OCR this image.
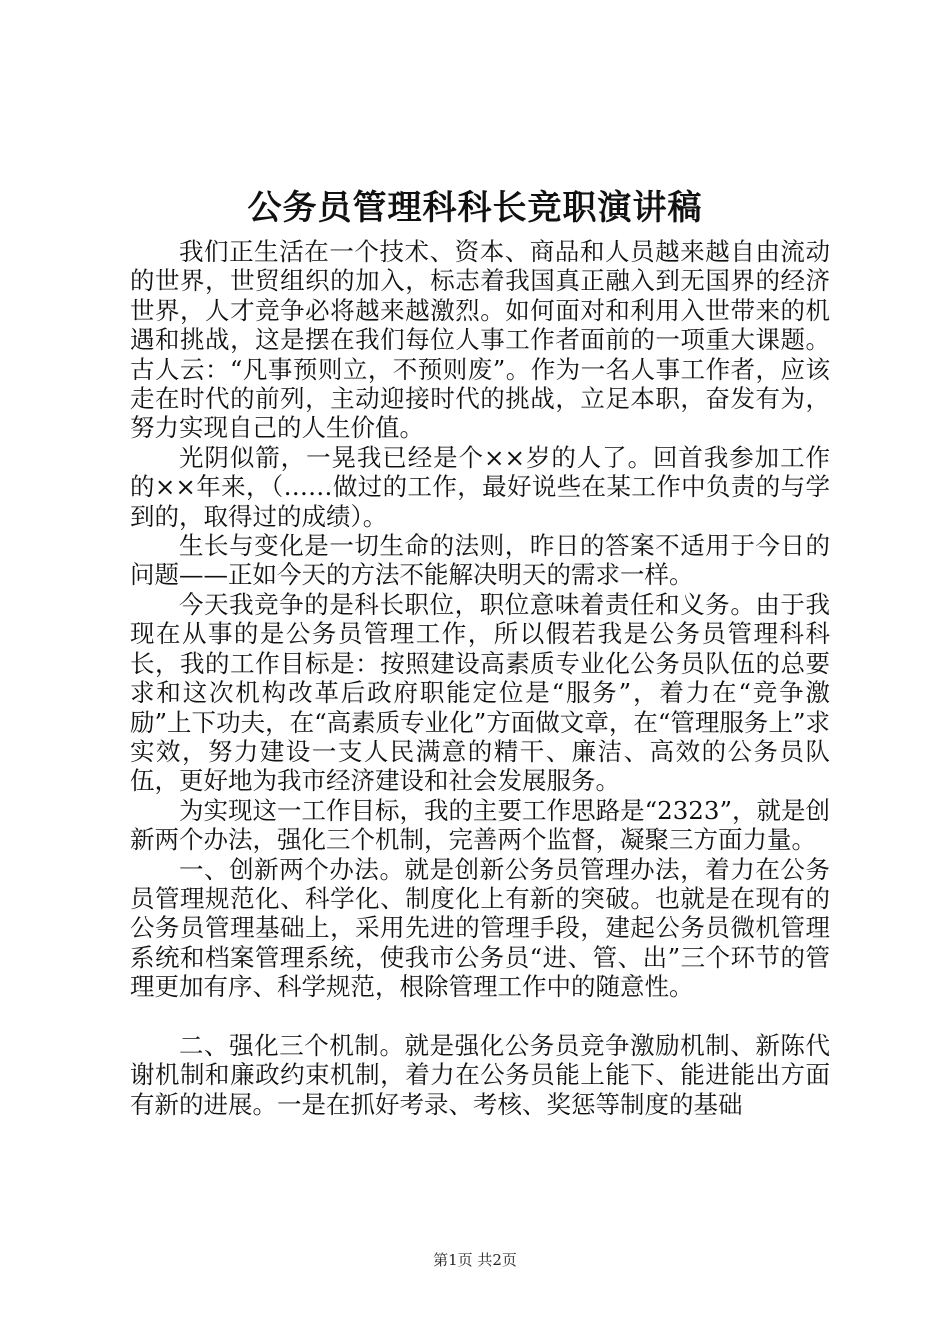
公务员管理科科长竞职演讲稿

我们正生活在一个技术、资本、商品和人员越来越自由流动的世界，世贸组织的加入，标志着我国真正融入到无国界的经济世界，人才竞争必将越来越激烈。如何面对和利用入世带来的机遇和挑战，这是摆在我们每位人事工作者面前的一项重大课题。古人云：“凡事预则立，不预则废”。作为一名人事工作者，应该走在时代的前列，主动迎接时代的挑战，立足本职，奋发有为，努力实现自己的人生价值。

光阴似箭，一晃我已经是个××岁的人了。回首我参加工作的××年来，（……做过的工作，最好说些在某工作中负责的与学到的，取得过的成绩）。

生长与变化是一切生命的法则，昨日的答案不适用于今日的问题——正如今天的方法不能解决明天的需求一样。

今天我竞争的是科长职位，职位意味着责任和义务。由于我现在从事的是公务员管理工作，所以假若我是公务员管理科科长，我的工作目标是：按照建设高素质专业化公务员队伍的总要求和这次机构改革后政府职能定位是“服务”，着力在“竞争激励”上下功夫，在“高素质专业化”方面做文章，在“管理服务上”求实效，努力建设一支人民满意的精干、廉洁、高效的公务员队伍，更好地为我市经济建设和社会发展服务。

为实现这一工作目标，我的主要工作思路是“2323”，就是创新两个办法，强化三个机制，完善两个监督，凝聚三方面力量。

一、创新两个办法。就是创新公务员管理办法，着力在公务员管理规范化、科学化、制度化上有新的突破。也就是在现有的公务员管理基础上，采用先进的管理手段，建起公务员微机管理系统和档案管理系统，使我市公务员“进、管、出”三个环节的管理更加有序、科学规范，根除管理工作中的随意性。

二、强化三个机制。就是强化公务员竞争激励机制、新陈代谢机制和廉政约束机制，着力在公务员能上能下、能进能出方面有新的进展。一是在抓好考录、考核、奖惩等制度的基础

第1页 共2页
